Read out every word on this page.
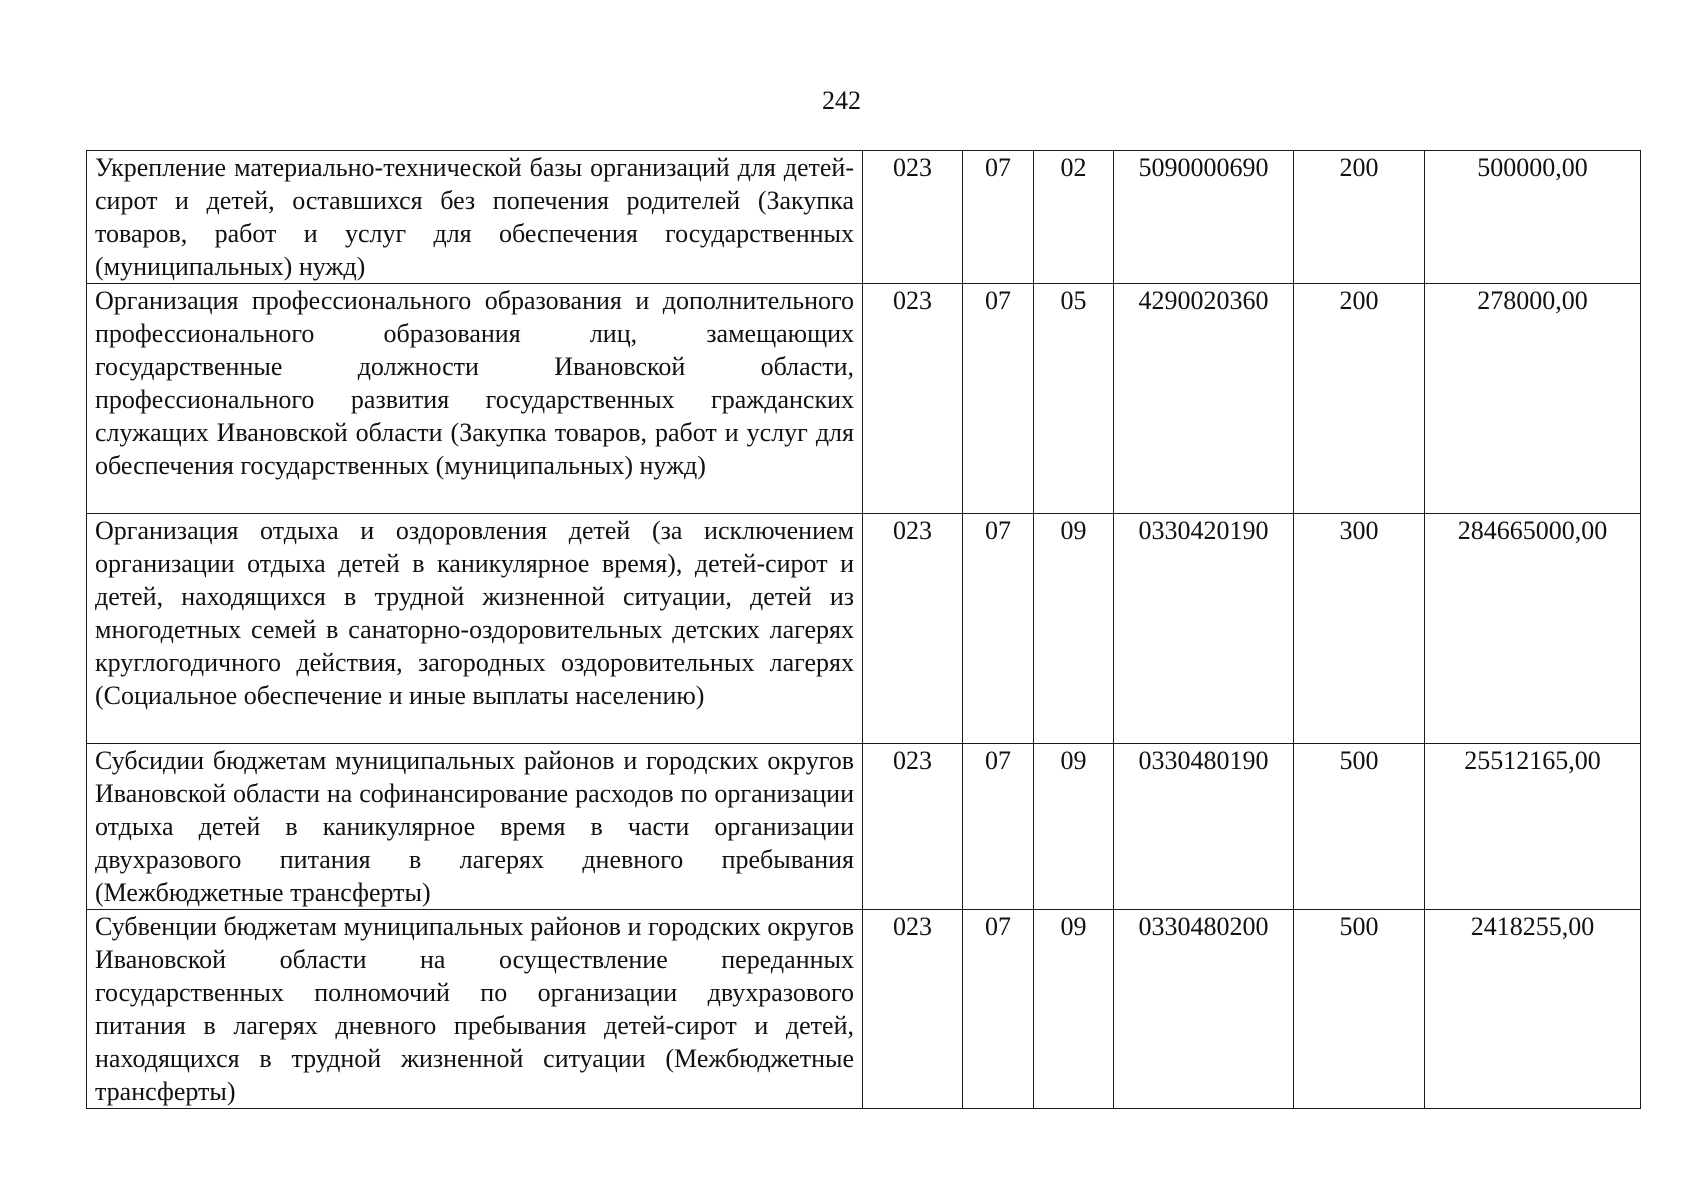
242
Укрепление материально-технической базы организаций для детей-сирот и детей, оставшихся без попечения родителей (Закупка товаров, работ и услуг для обеспечения государственных (муниципальных) нужд)	023	07	02	5090000690	200	500000,00
Организация профессионального образования и дополнительного профессионального образования лиц, замещающих государственные должности Ивановской области, профессионального развития государственных гражданских служащих Ивановской области (Закупка товаров, работ и услуг для обеспечения государственных (муниципальных) нужд)	023	07	05	4290020360	200	278000,00
Организация отдыха и оздоровления детей (за исключением организации отдыха детей в каникулярное время), детей-сирот и детей, находящихся в трудной жизненной ситуации, детей из многодетных семей в санаторно-оздоровительных детских лагерях круглогодичного действия, загородных оздоровительных лагерях (Социальное обеспечение и иные выплаты населению)	023	07	09	0330420190	300	284665000,00
Субсидии бюджетам муниципальных районов и городских округов Ивановской области на софинансирование расходов по организации отдыха детей в каникулярное время в части организации двухразового питания в лагерях дневного пребывания (Межбюджетные трансферты)	023	07	09	0330480190	500	25512165,00
Субвенции бюджетам муниципальных районов и городских округов Ивановской области на осуществление переданных государственных полномочий по организации двухразового питания в лагерях дневного пребывания детей-сирот и детей, находящихся в трудной жизненной ситуации (Межбюджетные трансферты)	023	07	09	0330480200	500	2418255,00
